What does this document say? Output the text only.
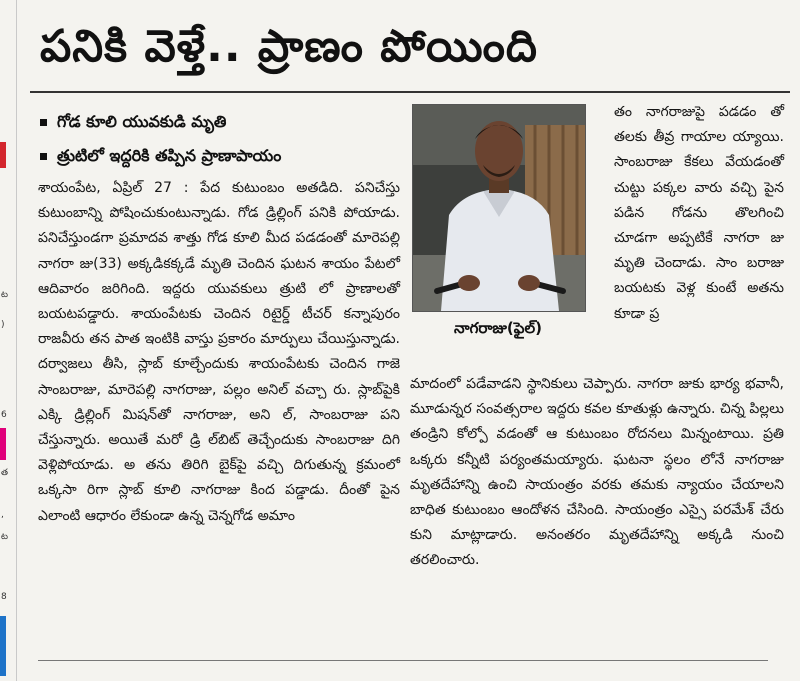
ట
)
6
త
,
ట
8
పనికి వెళ్తే.. ప్రాణం పోయింది
గోడ కూలి యువకుడి మృతి
త్రుటిలో ఇద్దరికి తప్పిన ప్రాణాపాయం
శాయంపేట, ఏప్రిల్ 27 : పేద కుటుంబం అతడిది. పనిచేస్తు కుటుంబాన్ని పోషించుకుంటున్నాడు. గోడ డ్రిల్లింగ్ పనికి పోయాడు. పనిచేస్తుండగా ప్రమాదవ శాత్తు గోడ కూలి మీద పడడంతో మారెపల్లి నాగరా జు(33) అక్కడికక్కడే మృతి చెందిన ఘటన శాయం పేటలో ఆదివారం జరిగింది. ఇద్దరు యువకులు త్రుటి లో ప్రాణాలతో బయటపడ్డారు. శాయంపేటకు చెందిన రిటైర్డ్ టీచర్ కన్నాపురం రాజవీరు తన పాత ఇంటికి వాస్తు ప్రకారం మార్పులు చేయిస్తున్నాడు. దర్వాజలు తీసి, స్లాబ్ కూల్చేందుకు శాయంపేటకు చెందిన గాజె సాంబరాజు, మారెపల్లి నాగరాజు, పల్లం అనిల్ వచ్చా రు. స్లాబ్‌పైకి ఎక్కి డ్రిల్లింగ్ మిషన్‌తో నాగరాజు, అని ల్, సాంబరాజు పని చేస్తున్నారు. అయితే మరో డ్రి ల్‌బిట్ తెచ్చేందుకు సాంబరాజు దిగి వెళ్లిపోయాడు. అ తను తిరిగి బైక్‌పై వచ్చి దిగుతున్న క్రమంలో ఒక్కసా రిగా స్లాబ్ కూలి నాగరాజు కింద పడ్డాడు. దీంతో పైన ఎలాంటి ఆధారం లేకుండా ఉన్న చెన్నగోడ అమాం
నాగరాజు(ఫైల్)
తం నాగరాజుపై పడడం తో తలకు తీవ్ర గాయాల య్యాయి. సాంబరాజు కేకలు వేయడంతో చుట్టు పక్కల వారు వచ్చి పైన పడిన గోడను తొలగించి చూడగా అప్పటికే నాగరా జు మృతి చెందాడు. సాం బరాజు బయటకు వెళ్ల కుంటే అతను కూడా ప్ర
మాదంలో పడేవాడని స్థానికులు చెప్పారు. నాగరా జుకు భార్య భవానీ, మూడున్నర సంవత్సరాల ఇద్దరు కవల కూతుళ్లు ఉన్నారు. చిన్న పిల్లలు తండ్రిని కోల్పో వడంతో ఆ కుటుంబం రోదనలు మిన్నంటాయి. ప్రతి ఒక్కరు కన్నీటి పర్యంతమయ్యారు. ఘటనా స్థలం లోనే నాగరాజు మృతదేహాన్ని ఉంచి సాయంత్రం వరకు తమకు న్యాయం చేయాలని బాధిత కుటుంబం ఆందోళన చేసింది. సాయంత్రం ఎస్సై పరమేశ్ చేరు కుని మాట్లాడారు. అనంతరం మృతదేహాన్ని అక్కడి నుంచి తరలించారు.
